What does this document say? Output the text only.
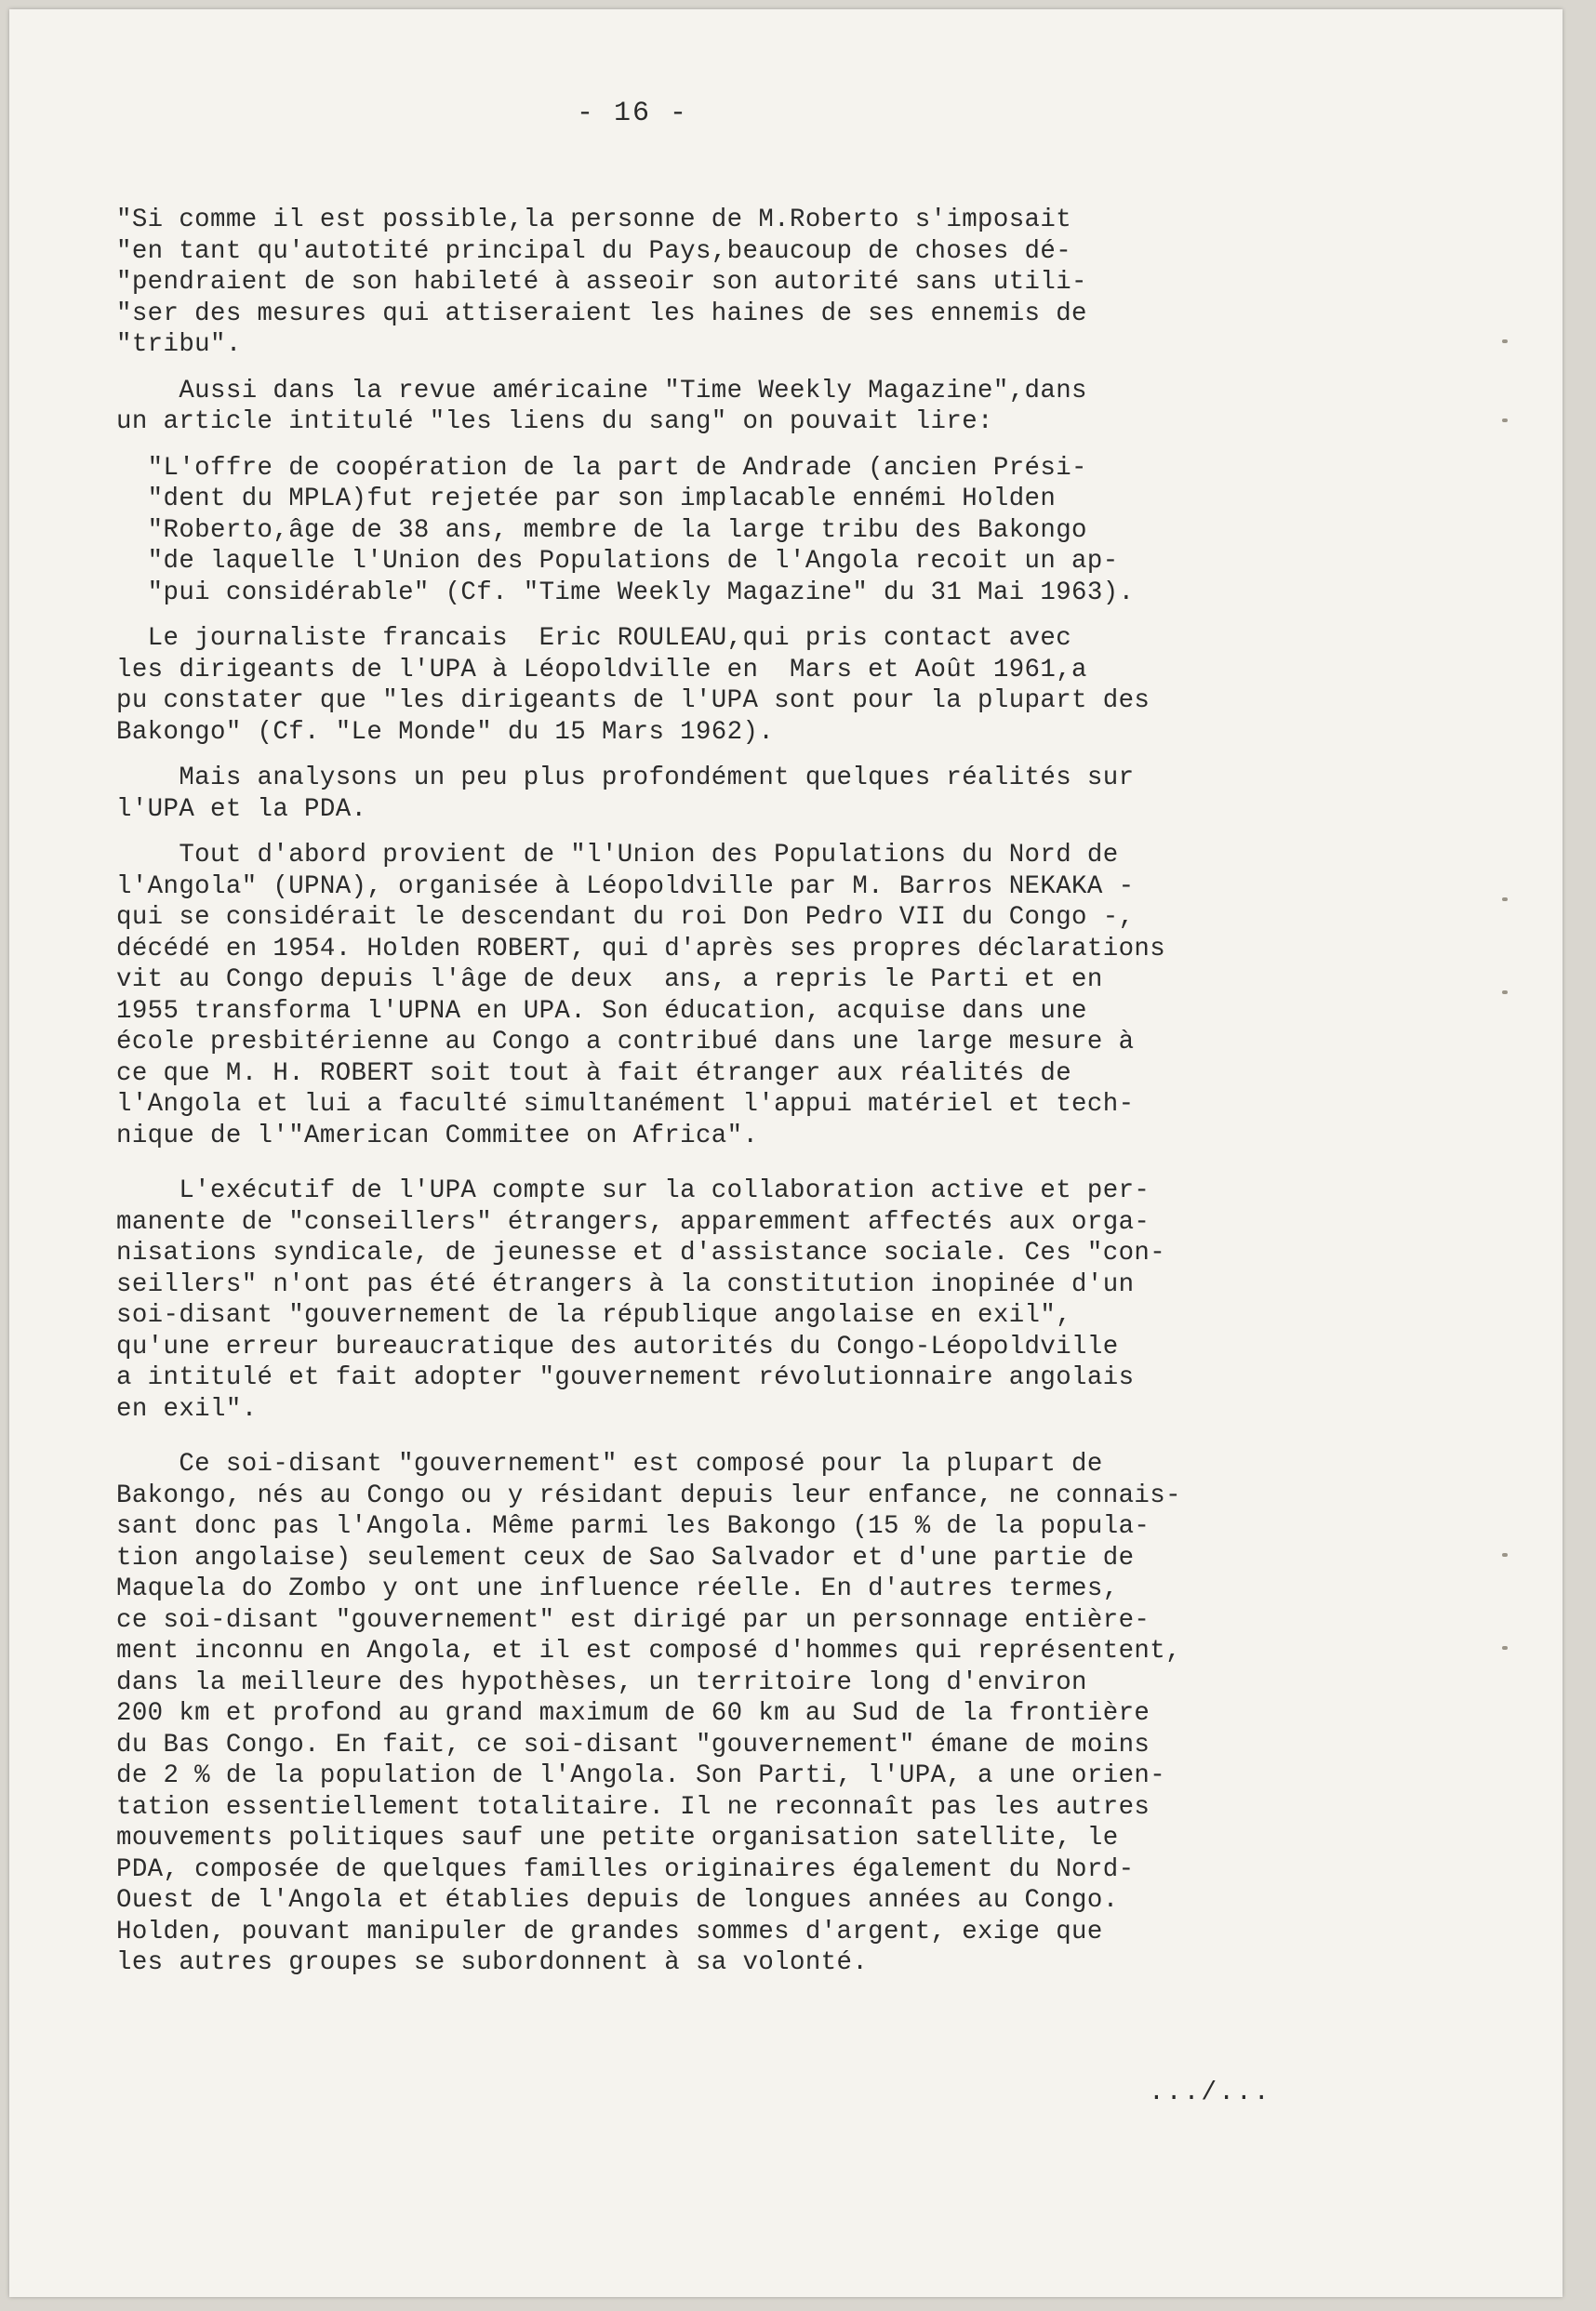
- 16 -
"Si comme il est possible,la personne de M.Roberto s'imposait
"en tant qu'autotité principal du Pays,beaucoup de choses dé-
"pendraient de son habileté à asseoir son autorité sans utili-
"ser des mesures qui attiseraient les haines de ses ennemis de
"tribu".
Aussi dans la revue américaine "Time Weekly Magazine",dans
un article intitulé "les liens du sang" on pouvait lire:
"L'offre de coopération de la part de Andrade (ancien Prési-
"dent du MPLA)fut rejetée par son implacable ennémi Holden
"Roberto,âge de 38 ans, membre de la large tribu des Bakongo
"de laquelle l'Union des Populations de l'Angola recoit un ap-
"pui considérable" (Cf. "Time Weekly Magazine" du 31 Mai 1963).
Le journaliste francais  Eric ROULEAU,qui pris contact avec
les dirigeants de l'UPA à Léopoldville en  Mars et Août 1961,a
pu constater que "les dirigeants de l'UPA sont pour la plupart des
Bakongo" (Cf. "Le Monde" du 15 Mars 1962).
Mais analysons un peu plus profondément quelques réalités sur
l'UPA et la PDA.
Tout d'abord provient de "l'Union des Populations du Nord de
l'Angola" (UPNA), organisée à Léopoldville par M. Barros NEKAKA -
qui se considérait le descendant du roi Don Pedro VII du Congo -,
décédé en 1954. Holden ROBERT, qui d'après ses propres déclarations
vit au Congo depuis l'âge de deux  ans, a repris le Parti et en
1955 transforma l'UPNA en UPA. Son éducation, acquise dans une
école presbitérienne au Congo a contribué dans une large mesure à
ce que M. H. ROBERT soit tout à fait étranger aux réalités de
l'Angola et lui a faculté simultanément l'appui matériel et tech-
nique de l'"American Commitee on Africa".
L'exécutif de l'UPA compte sur la collaboration active et per-
manente de "conseillers" étrangers, apparemment affectés aux orga-
nisations syndicale, de jeunesse et d'assistance sociale. Ces "con-
seillers" n'ont pas été étrangers à la constitution inopinée d'un
soi-disant "gouvernement de la république angolaise en exil",
qu'une erreur bureaucratique des autorités du Congo-Léopoldville
a intitulé et fait adopter "gouvernement révolutionnaire angolais
en exil".
Ce soi-disant "gouvernement" est composé pour la plupart de
Bakongo, nés au Congo ou y résidant depuis leur enfance, ne connais-
sant donc pas l'Angola. Même parmi les Bakongo (15 % de la popula-
tion angolaise) seulement ceux de Sao Salvador et d'une partie de
Maquela do Zombo y ont une influence réelle. En d'autres termes,
ce soi-disant "gouvernement" est dirigé par un personnage entière-
ment inconnu en Angola, et il est composé d'hommes qui représentent,
dans la meilleure des hypothèses, un territoire long d'environ
200 km et profond au grand maximum de 60 km au Sud de la frontière
du Bas Congo. En fait, ce soi-disant "gouvernement" émane de moins
de 2 % de la population de l'Angola. Son Parti, l'UPA, a une orien-
tation essentiellement totalitaire. Il ne reconnaît pas les autres
mouvements politiques sauf une petite organisation satellite, le
PDA, composée de quelques familles originaires également du Nord-
Ouest de l'Angola et établies depuis de longues années au Congo.
Holden, pouvant manipuler de grandes sommes d'argent, exige que
les autres groupes se subordonnent à sa volonté.
.../...
